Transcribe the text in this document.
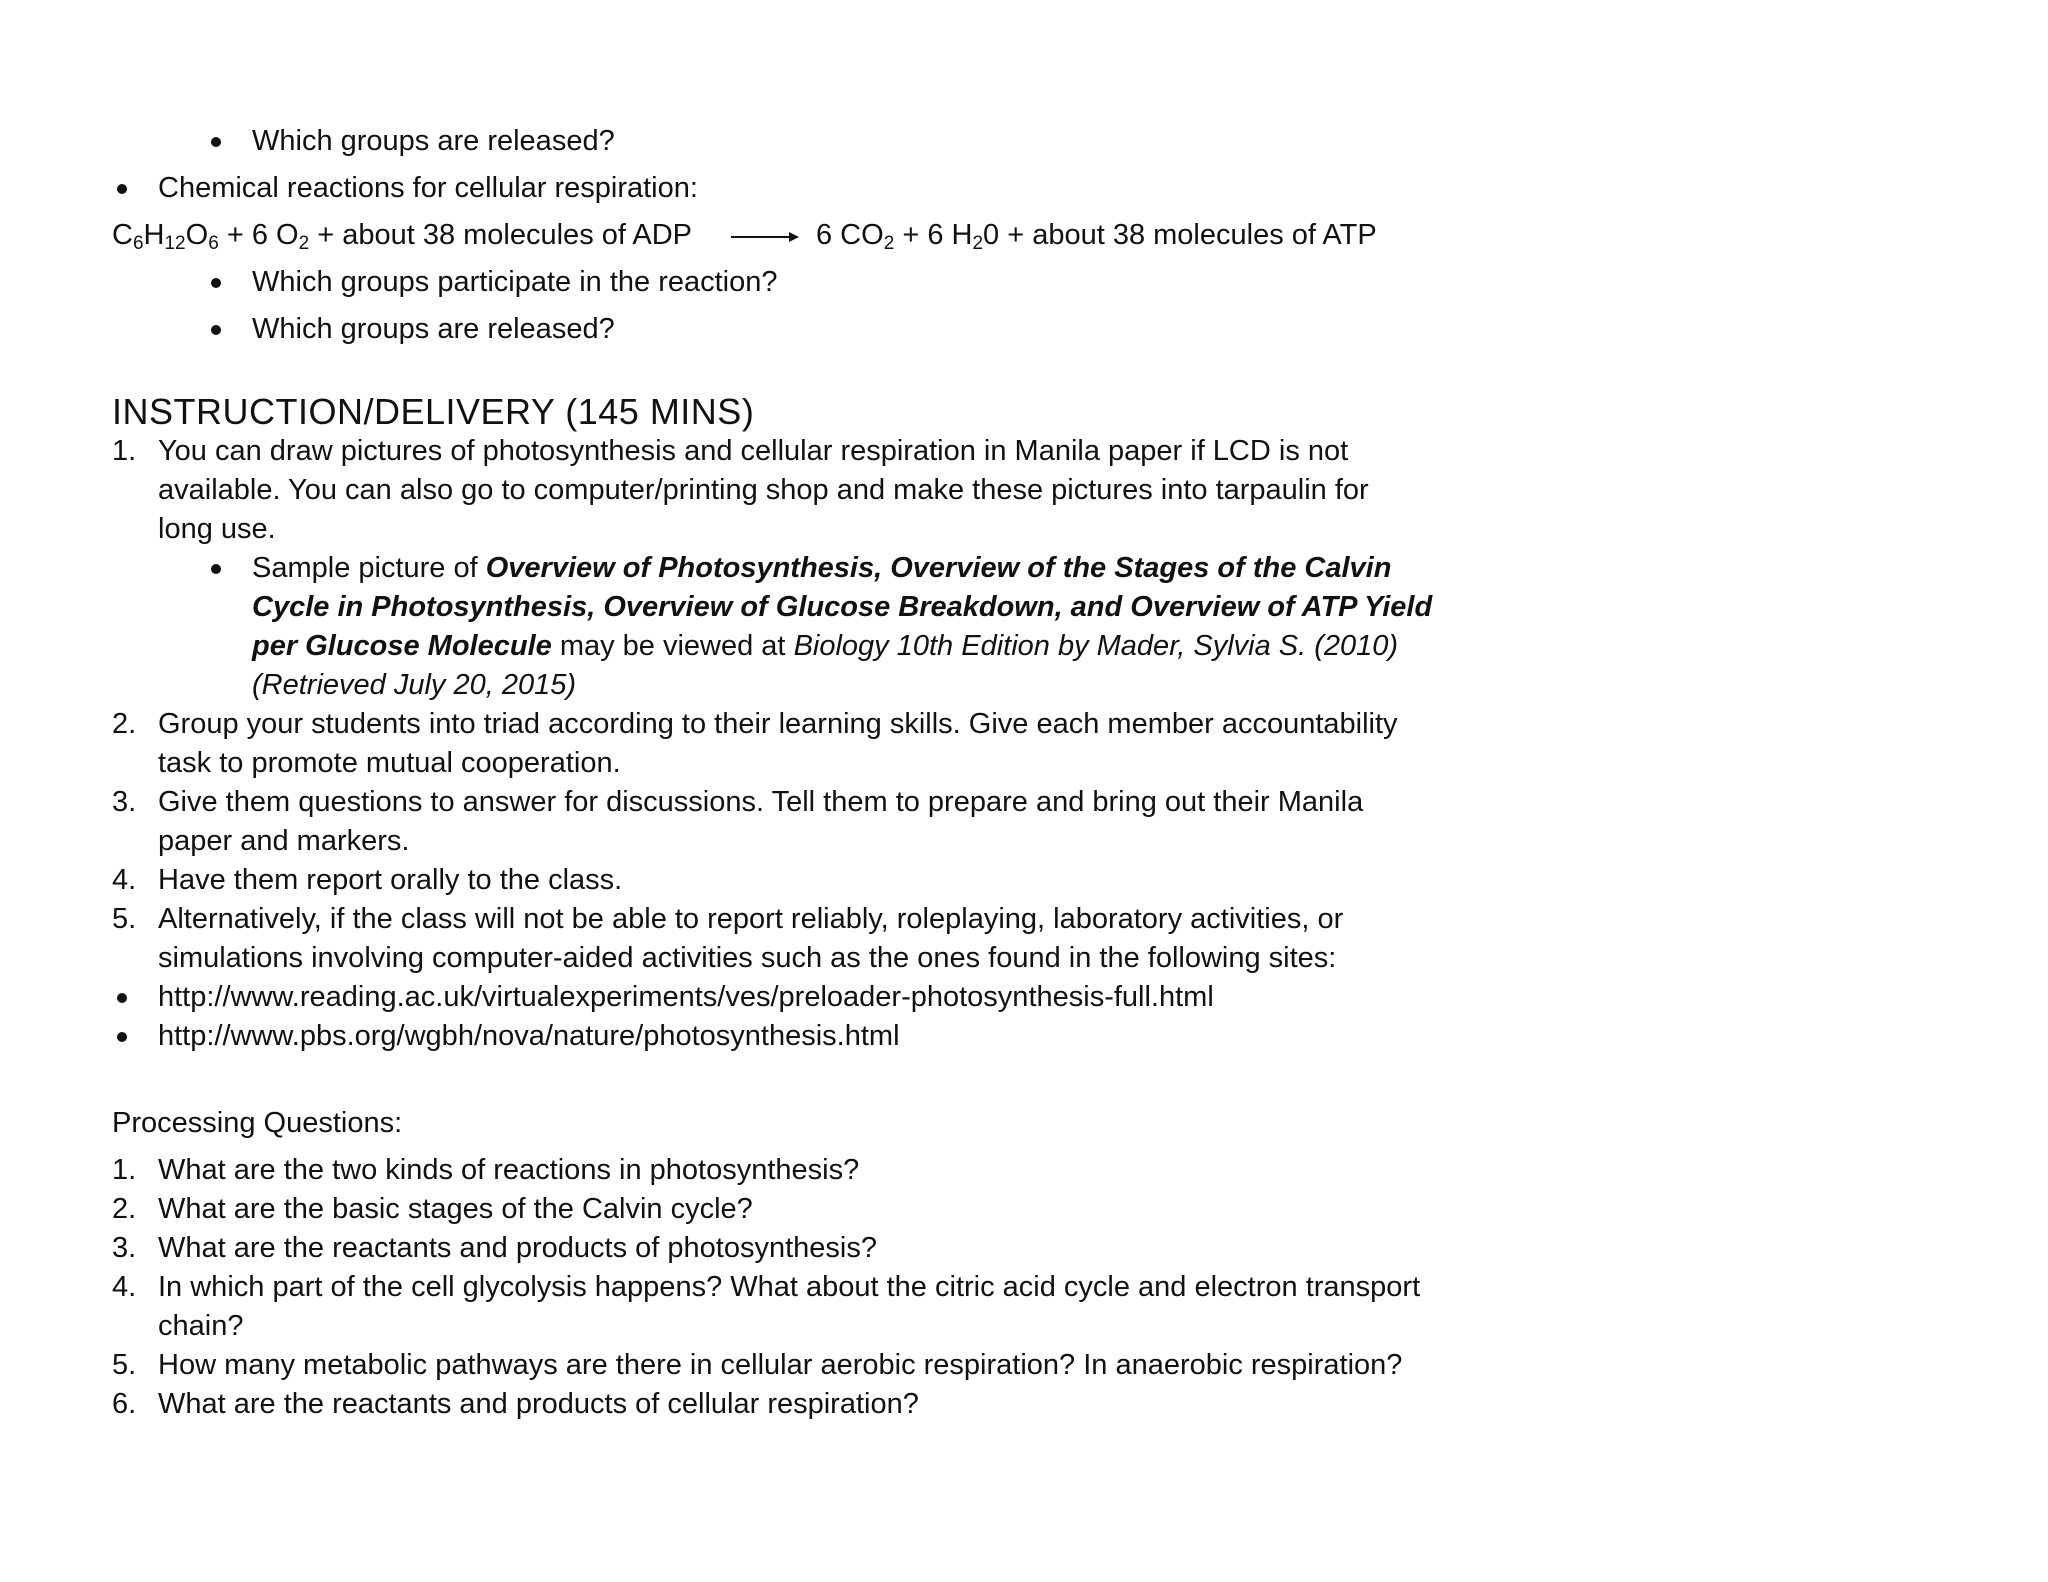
Which groups are released?
Chemical reactions for cellular respiration:
$C_6H_{12}O_6 + 6$ $O_2$ + about 38 molecules of ADP	6 $CO_2 + 6$ $H_20$ + about 38 molecules of ATP
Which groups participate in the reaction?
Which groups are released?
INSTRUCTION/DELIVERY (145 MINS)
1. You can draw pictures of photosynthesis and cellular respiration in Manila paper if LCD is not
available. You can also go to computer/printing shop and make these pictures into tarpaulin for
long use.
Sample picture of Overview of Photosynthesis, Overview of the Stages of the Calvin
Cycle in Photosynthesis, Overview of Glucose Breakdown, and Overview of ATP Yield
per Glucose Molecule may be viewed at Biology 10th Edition by Mader, Sylvia S. (2010)
(Retrieved July 20, 2015)
2. Group your students into triad according to their learning skills. Give each member accountability
task to promote mutual cooperation.
3. Give them questions to answer for discussions. Tell them to prepare and bring out their Manila
paper and markers.
4. Have them report orally to the class.
5. Alternatively, if the class will not be able to report reliably, roleplaying, laboratory activities, or
simulations involving computer-aided activities such as the ones found in the following sites:
http://www.reading.ac.uk/virtualexperiments/ves/preloader-photosynthesis-full.html
http://www.pbs.org/wgbh/nova/nature/photosynthesis.html
Processing Questions:
1. What are the two kinds of reactions in photosynthesis?
2. What are the basic stages of the Calvin cycle?
3. What are the reactants and products of photosynthesis?
4. In which part of the cell glycolysis happens? What about the citric acid cycle and electron transport
chain?
5. How many metabolic pathways are there in cellular aerobic respiration? In anaerobic respiration?
6. What are the reactants and products of cellular respiration?
